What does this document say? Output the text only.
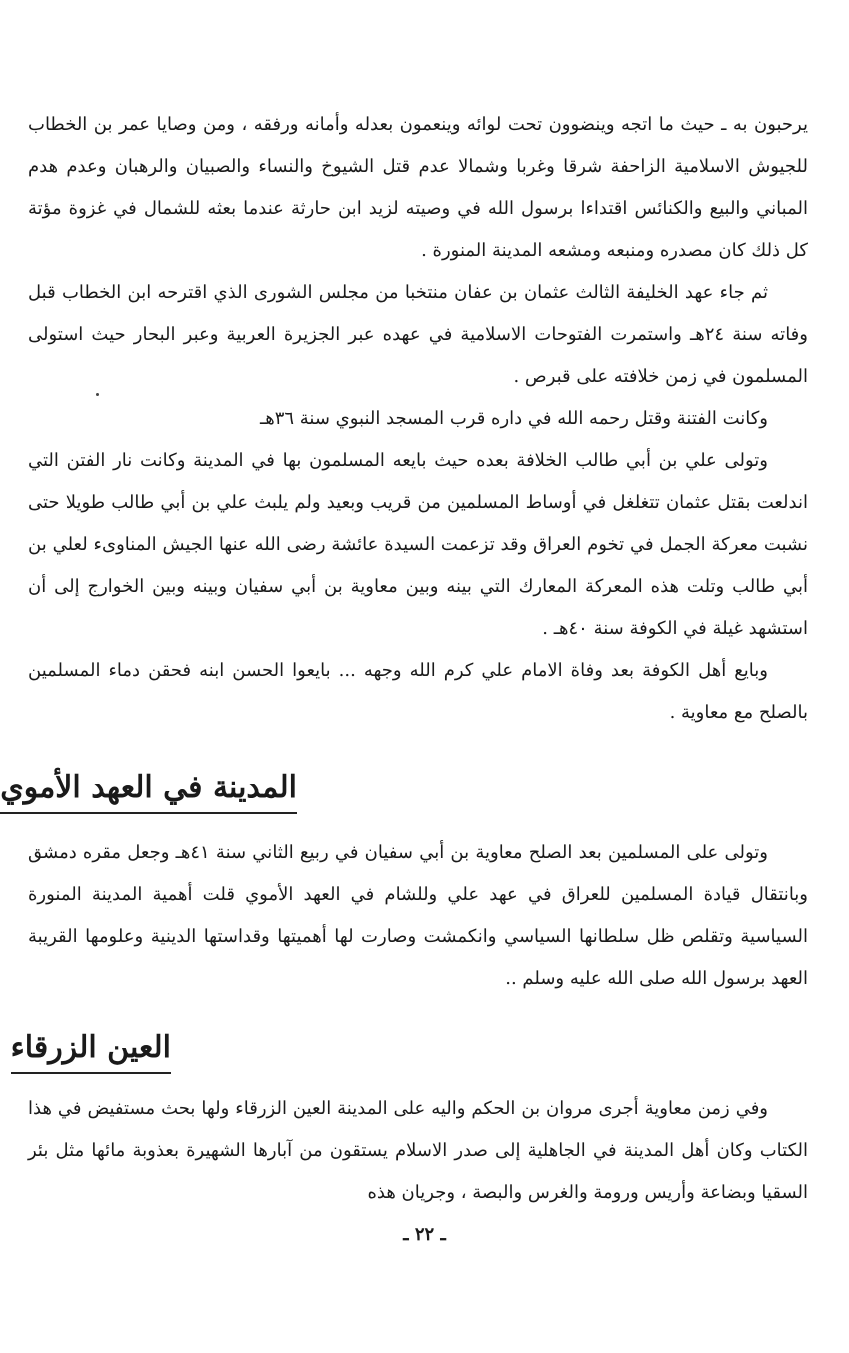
يرحبون به ـ حيث ما اتجه وينضوون تحت لوائه وينعمون بعدله وأمانه ورفقه ، ومن وصايا عمر بن الخطاب للجيوش الاسلامية الزاحفة شرقا وغربا وشمالا عدم قتل الشيوخ والنساء والصبيان والرهبان وعدم هدم المباني والبيع والكنائس اقتداءا برسول الله في وصيته لزيد ابن حارثة عندما بعثه للشمال في غزوة مؤتة كل ذلك كان مصدره ومنبعه ومشعه المدينة المنورة .

ثم جاء عهد الخليفة الثالث عثمان بن عفان منتخبا من مجلس الشورى الذي اقترحه ابن الخطاب قبل وفاته سنة ٢٤هـ واستمرت الفتوحات الاسلامية في عهده عبر الجزيرة العربية وعبر البحار حيث استولى المسلمون في زمن خلافته على قبرص .

وكانت الفتنة وقتل رحمه الله في داره قرب المسجد النبوي سنة ٣٦هـ

وتولى علي بن أبي طالب الخلافة بعده حيث بايعه المسلمون بها في المدينة وكانت نار الفتن التي اندلعت بقتل عثمان تتغلغل في أوساط المسلمين من قريب وبعيد ولم يلبث علي بن أبي طالب طويلا حتى نشبت معركة الجمل في تخوم العراق وقد تزعمت السيدة عائشة رضى الله عنها الجيش المناوىء لعلي بن أبي طالب وتلت هذه المعركة المعارك التي بينه وبين معاوية بن أبي سفيان وبينه وبين الخوارج إلى أن استشهد غيلة في الكوفة سنة ٤٠هـ .

وبايع أهل الكوفة بعد وفاة الامام علي كرم الله وجهه ... بايعوا الحسن ابنه فحقن دماء المسلمين بالصلح مع معاوية .

المدينة في العهد الأموي

وتولى على المسلمين بعد الصلح معاوية بن أبي سفيان في ربيع الثاني سنة ٤١هـ وجعل مقره دمشق وبانتقال قيادة المسلمين للعراق في عهد علي وللشام في العهد الأموي قلت أهمية المدينة المنورة السياسية وتقلص ظل سلطانها السياسي وانكمشت وصارت لها أهميتها وقداستها الدينية وعلومها القريبة العهد برسول الله صلى الله عليه وسلم ..

العين الزرقاء

وفي زمن معاوية أجرى مروان بن الحكم واليه على المدينة العين الزرقاء ولها بحث مستفيض في هذا الكتاب وكان أهل المدينة في الجاهلية إلى صدر الاسلام يستقون من آبارها الشهيرة بعذوبة مائها مثل بئر السقيا وبضاعة وأريس ورومة والغرس والبصة ، وجريان هذه

ـ ٢٢ ـ
